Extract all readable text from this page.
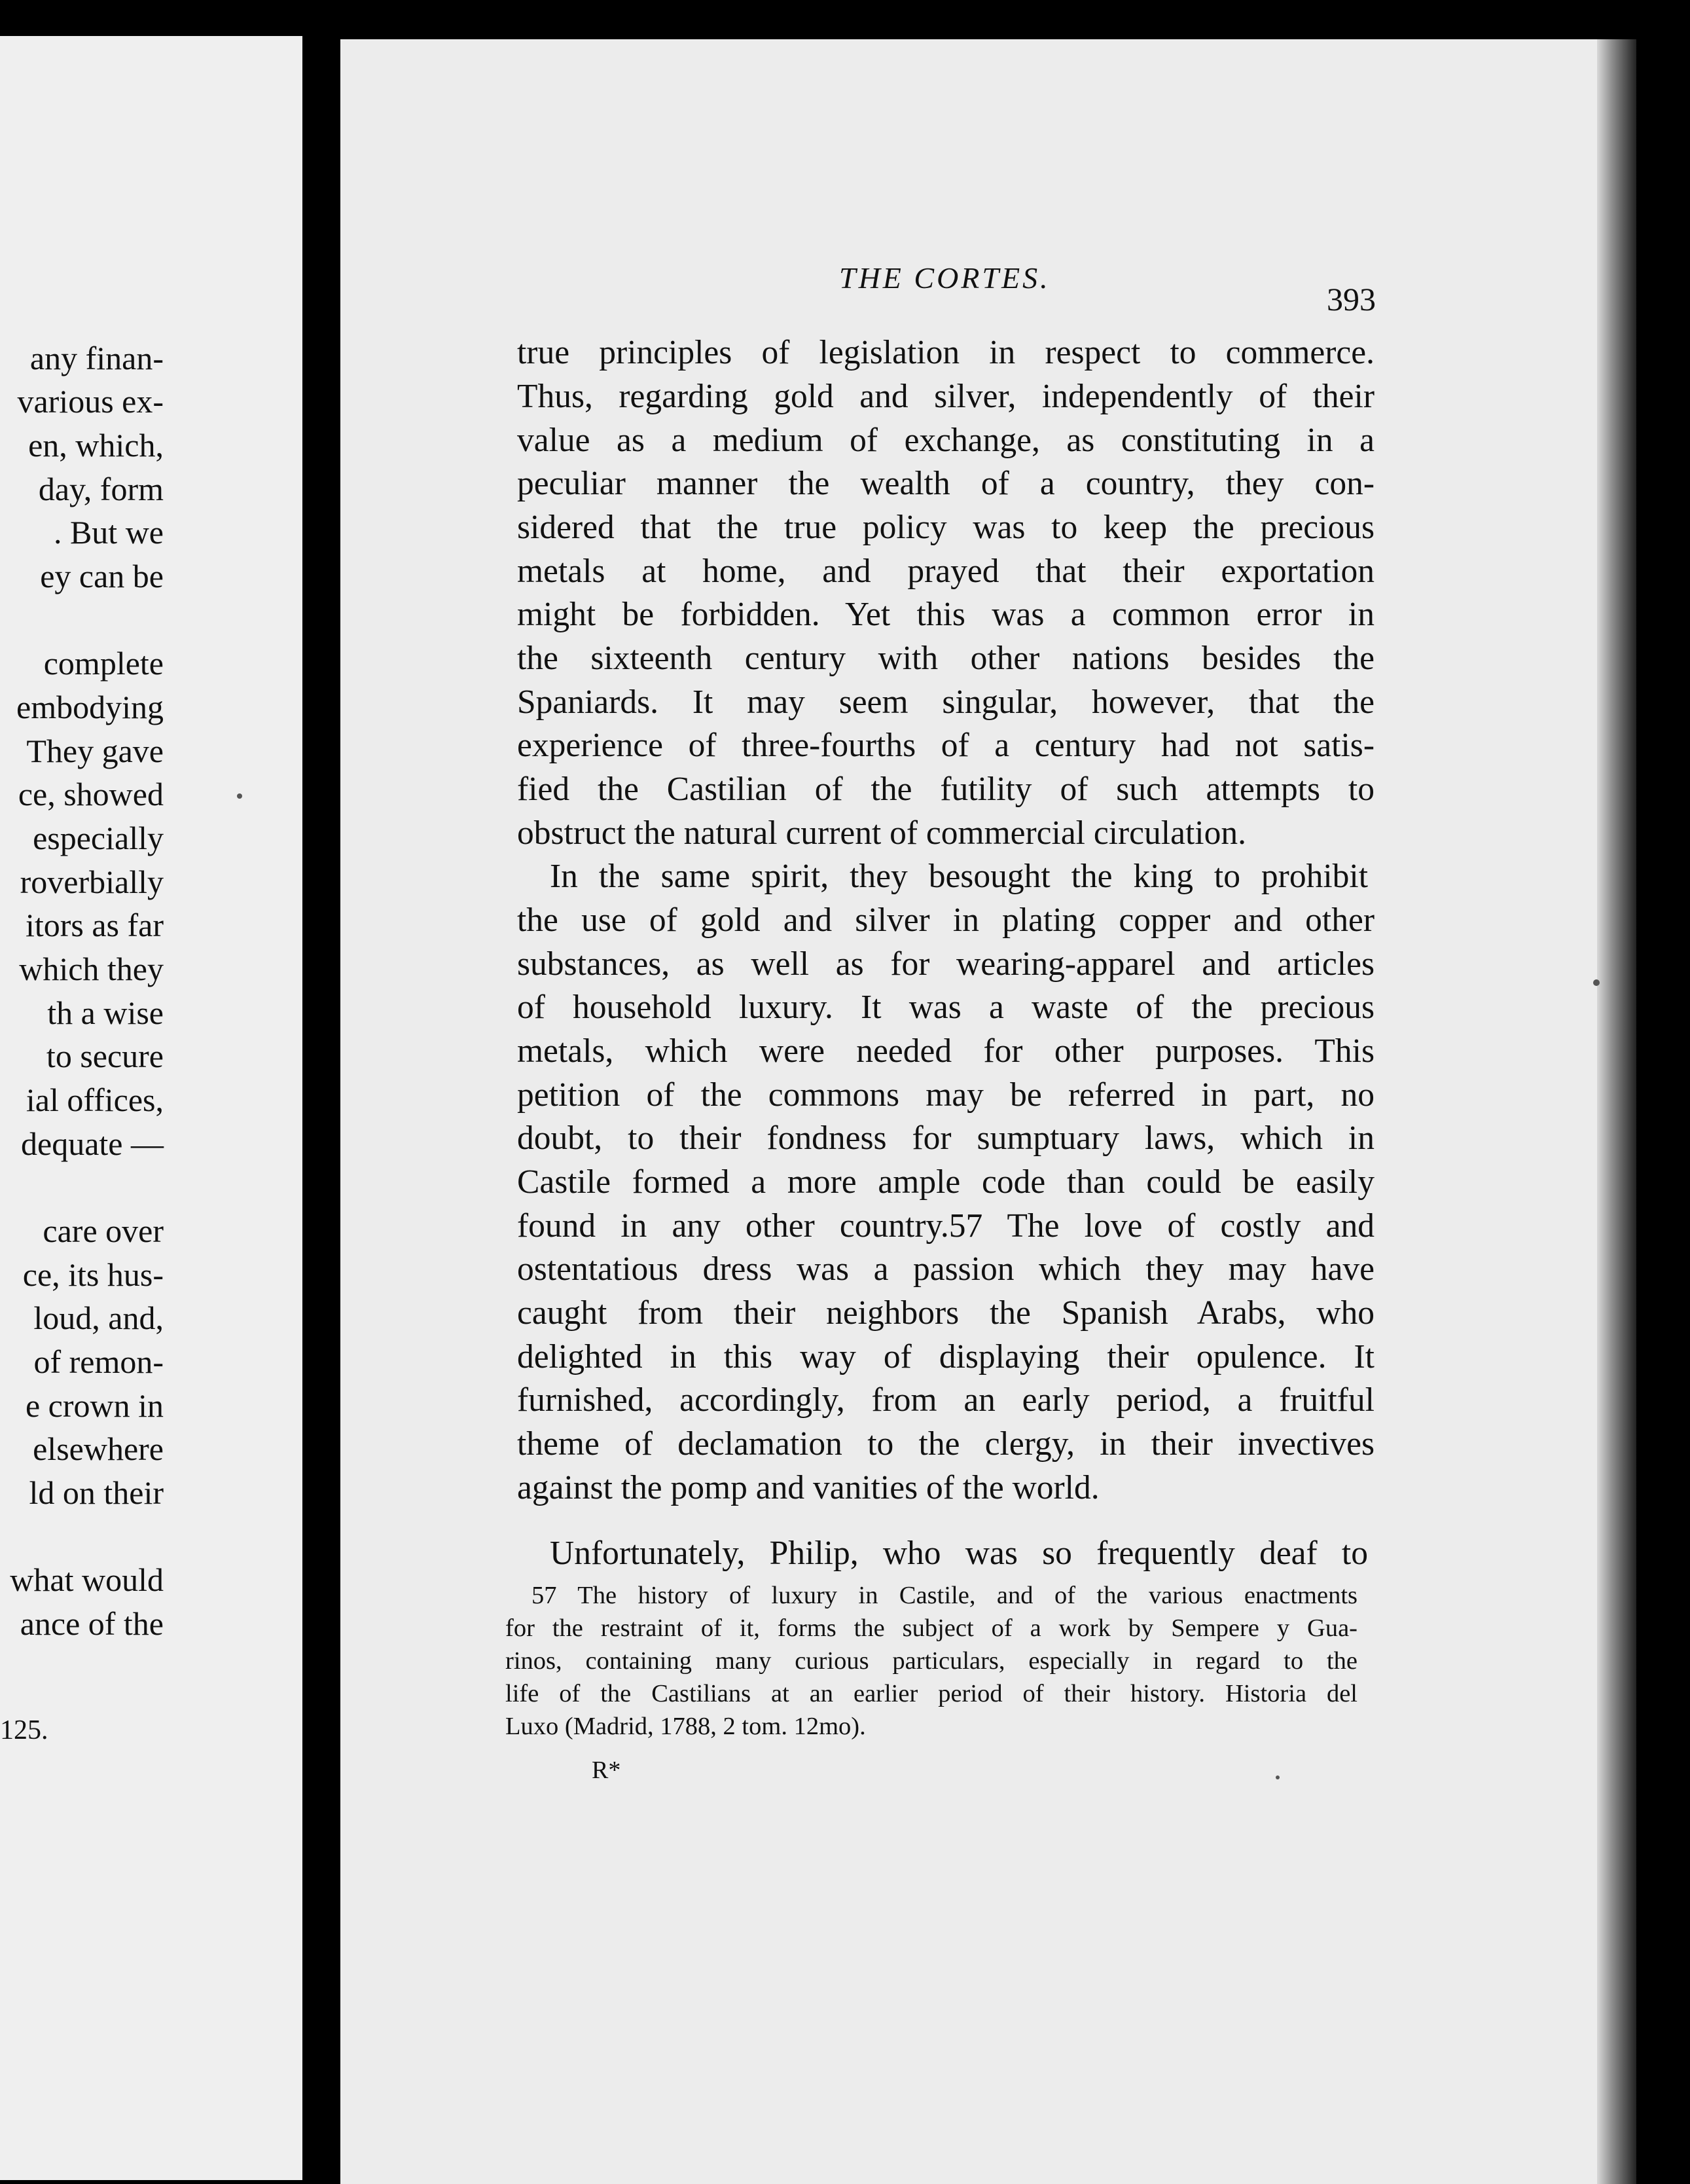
any finan-
various ex-
en, which,
day, form
. But we
ey can be
complete
embodying
They gave
ce, showed
especially
roverbially
itors as far
which they
th a wise
to secure
ial offices,
dequate —
care over
ce, its hus-
loud, and,
of remon-
e crown in
elsewhere
ld on their
what would
ance of the
125.
THE CORTES.
393
true principles of legislation in respect to commerce.
Thus, regarding gold and silver, independently of their
value as a medium of exchange, as constituting in a
peculiar manner the wealth of a country, they con-
sidered that the true policy was to keep the precious
metals at home, and prayed that their exportation
might be forbidden. Yet this was a common error in
the sixteenth century with other nations besides the
Spaniards. It may seem singular, however, that the
experience of three-fourths of a century had not satis-
fied the Castilian of the futility of such attempts to
obstruct the natural current of commercial circulation.
In the same spirit, they besought the king to prohibit
the use of gold and silver in plating copper and other
substances, as well as for wearing-apparel and articles
of household luxury. It was a waste of the precious
metals, which were needed for other purposes. This
petition of the commons may be referred in part, no
doubt, to their fondness for sumptuary laws, which in
Castile formed a more ample code than could be easily
found in any other country.57 The love of costly and
ostentatious dress was a passion which they may have
caught from their neighbors the Spanish Arabs, who
delighted in this way of displaying their opulence. It
furnished, accordingly, from an early period, a fruitful
theme of declamation to the clergy, in their invectives
against the pomp and vanities of the world.
Unfortunately, Philip, who was so frequently deaf to
57 The history of luxury in Castile, and of the various enactments
for the restraint of it, forms the subject of a work by Sempere y Gua-
rinos, containing many curious particulars, especially in regard to the
life of the Castilians at an earlier period of their history. Historia del
Luxo (Madrid, 1788, 2 tom. 12mo).
R*
